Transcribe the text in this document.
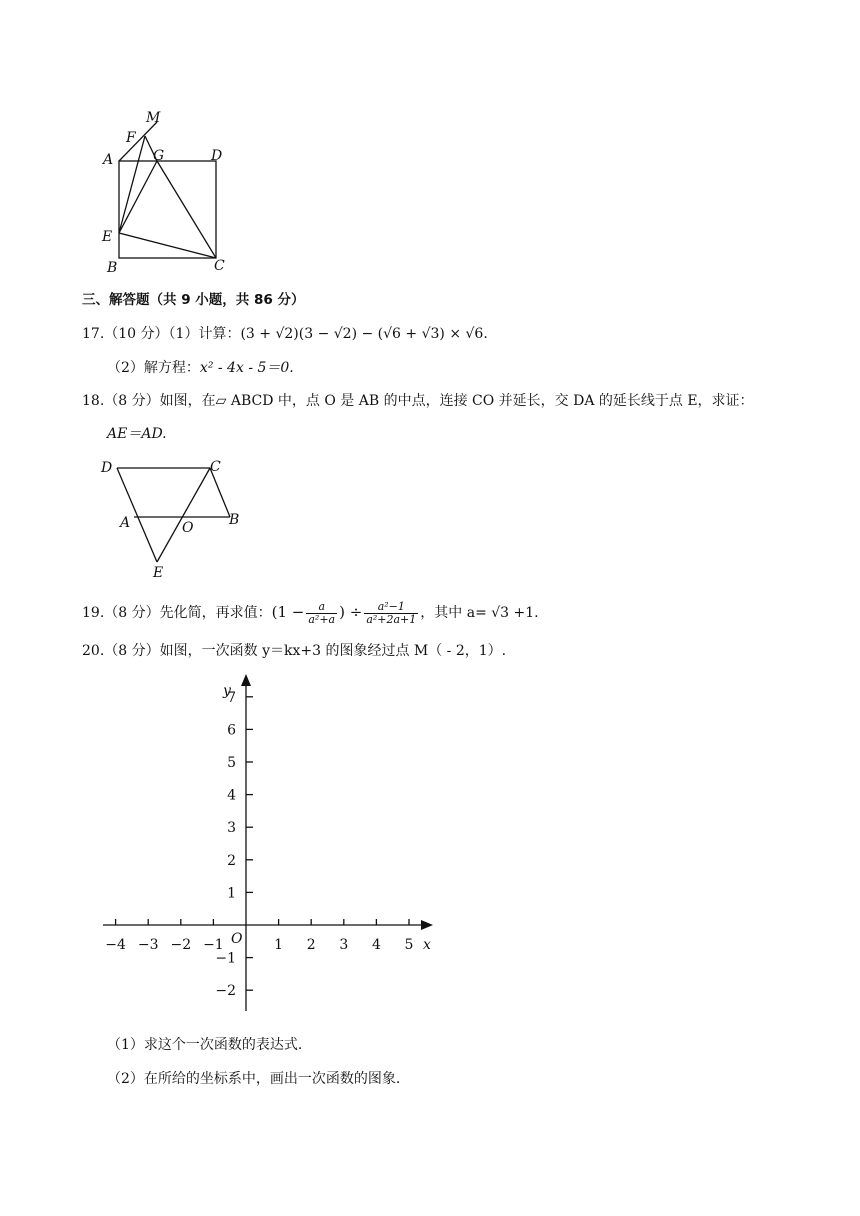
M
F
A	G	D
E
B	C
三、解答题（共 9 小题，共 86 分）
17.（10 分）（1）计算：(3 + √2)(3 − √2) − (√6 + √3) × √6.
（2）解方程：x² - 4x - 5＝0.
18.（8 分）如图，在▱ ABCD 中，点 O 是 AB 的中点，连接 CO 并延长，交 DA 的延长线于点 E，求证：
AE＝AD.
D	C
A	O	B
E
19.（8 分）先化简，再求值：($1 - \frac{a}{\text{a²+a}}$ ) ÷ $\frac{\text{a²−1}}{\text{a²+2a+1}}$ ，其中 a= √3 +1.
20.（8 分）如图，一次函数 y＝kx+3 的图象经过点 M（ - 2，1）.
−4 −3 −2 −1	1 2 3 4 5
−2
−1
1
2
3
4
5
6
7
y
x
O
（1）求这个一次函数的表达式.
（2）在所给的坐标系中，画出一次函数的图象.
